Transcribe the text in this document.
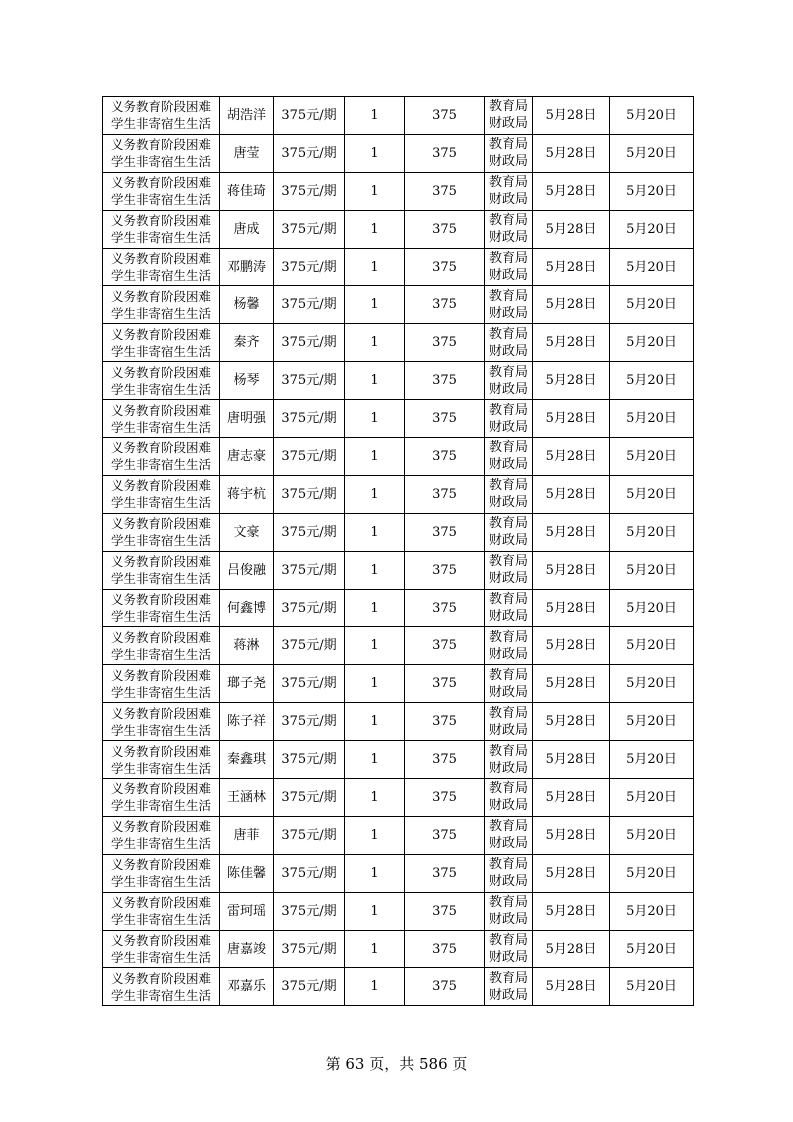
义务教育阶段困难
学生非寄宿生生活	胡浩洋	375元/期	1	375	教育局
财政局	5月28日	5月20日

义务教育阶段困难
学生非寄宿生生活	唐莹	375元/期	1	375	教育局
财政局	5月28日	5月20日

义务教育阶段困难
学生非寄宿生生活	蒋佳琦	375元/期	1	375	教育局
财政局	5月28日	5月20日

义务教育阶段困难
学生非寄宿生生活	唐成	375元/期	1	375	教育局
财政局	5月28日	5月20日

义务教育阶段困难
学生非寄宿生生活	邓鹏涛	375元/期	1	375	教育局
财政局	5月28日	5月20日

义务教育阶段困难
学生非寄宿生生活	杨馨	375元/期	1	375	教育局
财政局	5月28日	5月20日

义务教育阶段困难
学生非寄宿生生活	秦齐	375元/期	1	375	教育局
财政局	5月28日	5月20日

义务教育阶段困难
学生非寄宿生生活	杨琴	375元/期	1	375	教育局
财政局	5月28日	5月20日

义务教育阶段困难
学生非寄宿生生活	唐明强	375元/期	1	375	教育局
财政局	5月28日	5月20日

义务教育阶段困难
学生非寄宿生生活	唐志豪	375元/期	1	375	教育局
财政局	5月28日	5月20日

义务教育阶段困难
学生非寄宿生生活	蒋宇杭	375元/期	1	375	教育局
财政局	5月28日	5月20日

义务教育阶段困难
学生非寄宿生生活	文豪	375元/期	1	375	教育局
财政局	5月28日	5月20日

义务教育阶段困难
学生非寄宿生生活	吕俊融	375元/期	1	375	教育局
财政局	5月28日	5月20日

义务教育阶段困难
学生非寄宿生生活	何鑫博	375元/期	1	375	教育局
财政局	5月28日	5月20日

义务教育阶段困难
学生非寄宿生生活	蒋淋	375元/期	1	375	教育局
财政局	5月28日	5月20日

义务教育阶段困难
学生非寄宿生生活	瑯子尧	375元/期	1	375	教育局
财政局	5月28日	5月20日

义务教育阶段困难
学生非寄宿生生活	陈子祥	375元/期	1	375	教育局
财政局	5月28日	5月20日

义务教育阶段困难
学生非寄宿生生活	秦鑫琪	375元/期	1	375	教育局
财政局	5月28日	5月20日

义务教育阶段困难
学生非寄宿生生活	王涵林	375元/期	1	375	教育局
财政局	5月28日	5月20日

义务教育阶段困难
学生非寄宿生生活	唐菲	375元/期	1	375	教育局
财政局	5月28日	5月20日

义务教育阶段困难
学生非寄宿生生活	陈佳馨	375元/期	1	375	教育局
财政局	5月28日	5月20日

义务教育阶段困难
学生非寄宿生生活	雷珂瑶	375元/期	1	375	教育局
财政局	5月28日	5月20日

义务教育阶段困难
学生非寄宿生生活	唐嘉竣	375元/期	1	375	教育局
财政局	5月28日	5月20日

义务教育阶段困难
学生非寄宿生生活	邓嘉乐	375元/期	1	375	教育局
财政局	5月28日	5月20日
第 63 页，共 586 页
